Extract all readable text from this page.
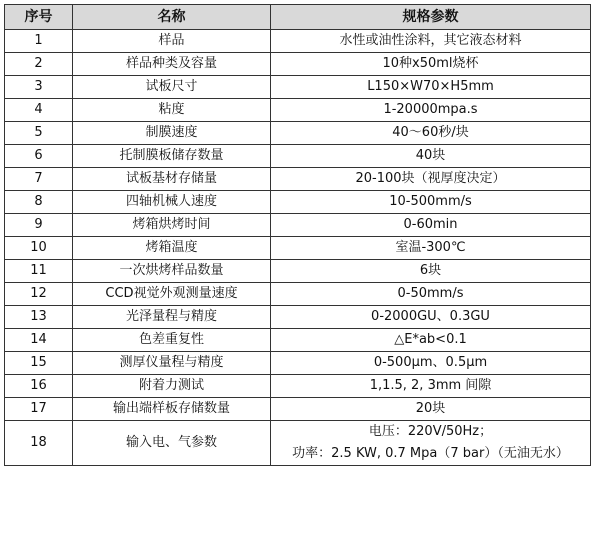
序号	名称	规格参数
1	样品	水性或油性涂料，其它液态材料
2	样品种类及容量	10种x50ml烧杯
3	试板尺寸	L150×W70×H5mm
4	粘度	1-20000mpa.s
5	制膜速度	40～60秒/块
6	托制膜板储存数量	40块
7	试板基材存储量	20-100块（视厚度决定）
8	四轴机械人速度	10-500mm/s
9	烤箱烘烤时间	0-60min
10	烤箱温度	室温-300℃
11	一次烘烤样品数量	6块
12	CCD视觉外观测量速度	0-50mm/s
13	光泽量程与精度	0-2000GU、0.3GU
14	色差重复性	△E*ab<0.1
15	测厚仪量程与精度	0-500μm、0.5μm
16	附着力测试	1,1.5, 2, 3mm 间隙
17	输出端样板存储数量	20块
18	输入电、气参数	电压：220V/50Hz；
功率：2.5 KW, 0.7 Mpa（7 bar）（无油无水）
